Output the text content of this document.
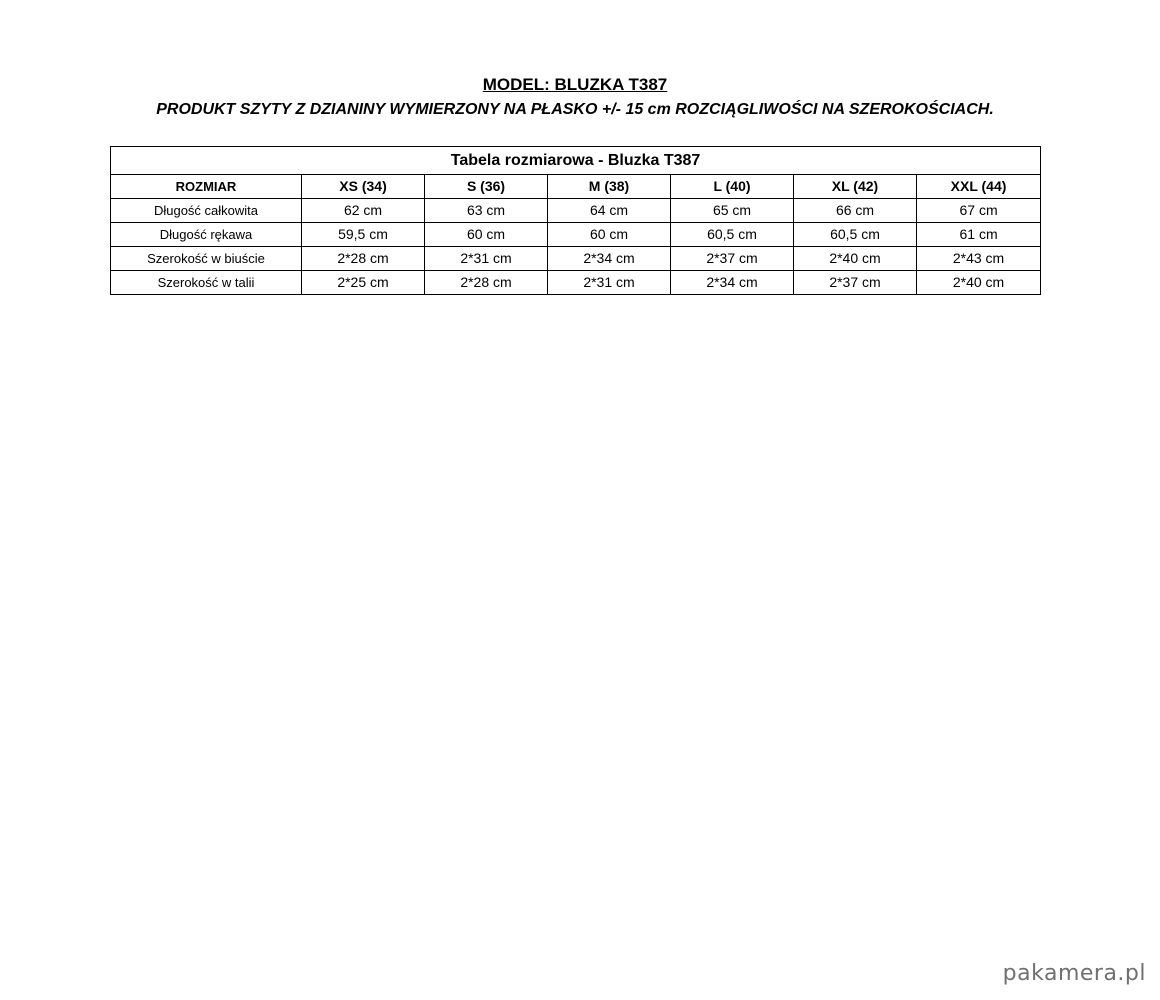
MODEL: BLUZKA T387
PRODUKT SZYTY Z DZIANINY WYMIERZONY NA PŁASKO +/- 15 cm ROZCIĄGLIWOŚCI NA SZEROKOŚCIACH.
Tabela rozmiarowa - Bluzka T387						
ROZMIAR	XS (34)	S (36)	M (38)	L (40)	XL (42)	XXL (44)
Długość całkowita	62 cm	63 cm	64 cm	65 cm	66 cm	67 cm
Długość rękawa	59,5 cm	60 cm	60 cm	60,5 cm	60,5 cm	61 cm
Szerokość w biuście	2*28 cm	2*31 cm	2*34 cm	2*37 cm	2*40 cm	2*43 cm
Szerokość w talii	2*25 cm	2*28 cm	2*31 cm	2*34 cm	2*37 cm	2*40 cm
pakamera.pl
